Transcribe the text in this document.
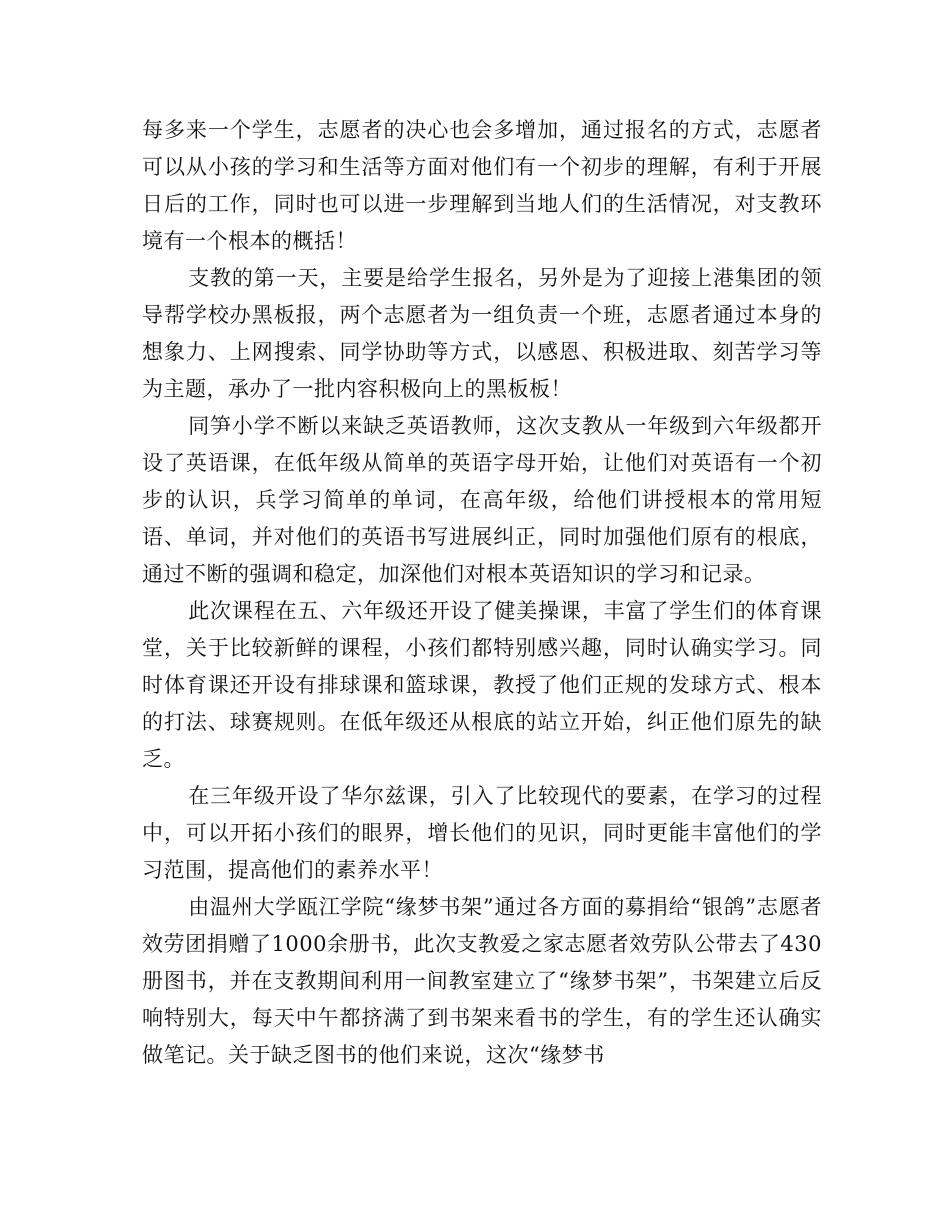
每多来一个学生，志愿者的决心也会多增加，通过报名的方式，志愿者可以从小孩的学习和生活等方面对他们有一个初步的理解，有利于开展日后的工作，同时也可以进一步理解到当地人们的生活情况，对支教环境有一个根本的概括！

支教的第一天，主要是给学生报名，另外是为了迎接上港集团的领导帮学校办黑板报，两个志愿者为一组负责一个班，志愿者通过本身的想象力、上网搜索、同学协助等方式，以感恩、积极进取、刻苦学习等为主题，承办了一批内容积极向上的黑板板！

同笋小学不断以来缺乏英语教师，这次支教从一年级到六年级都开设了英语课，在低年级从简单的英语字母开始，让他们对英语有一个初步的认识，兵学习简单的单词，在高年级，给他们讲授根本的常用短语、单词，并对他们的英语书写进展纠正，同时加强他们原有的根底，通过不断的强调和稳定，加深他们对根本英语知识的学习和记录。

此次课程在五、六年级还开设了健美操课，丰富了学生们的体育课堂，关于比较新鲜的课程，小孩们都特别感兴趣，同时认确实学习。同时体育课还开设有排球课和篮球课，教授了他们正规的发球方式、根本的打法、球赛规则。在低年级还从根底的站立开始，纠正他们原先的缺乏。

在三年级开设了华尔兹课，引入了比较现代的要素，在学习的过程中，可以开拓小孩们的眼界，增长他们的见识，同时更能丰富他们的学习范围，提高他们的素养水平！

由温州大学瓯江学院“缘梦书架”通过各方面的募捐给“银鸽”志愿者效劳团捐赠了1000余册书，此次支教爱之家志愿者效劳队公带去了430册图书，并在支教期间利用一间教室建立了“缘梦书架”，书架建立后反响特别大，每天中午都挤满了到书架来看书的学生，有的学生还认确实做笔记。关于缺乏图书的他们来说，这次“缘梦书
